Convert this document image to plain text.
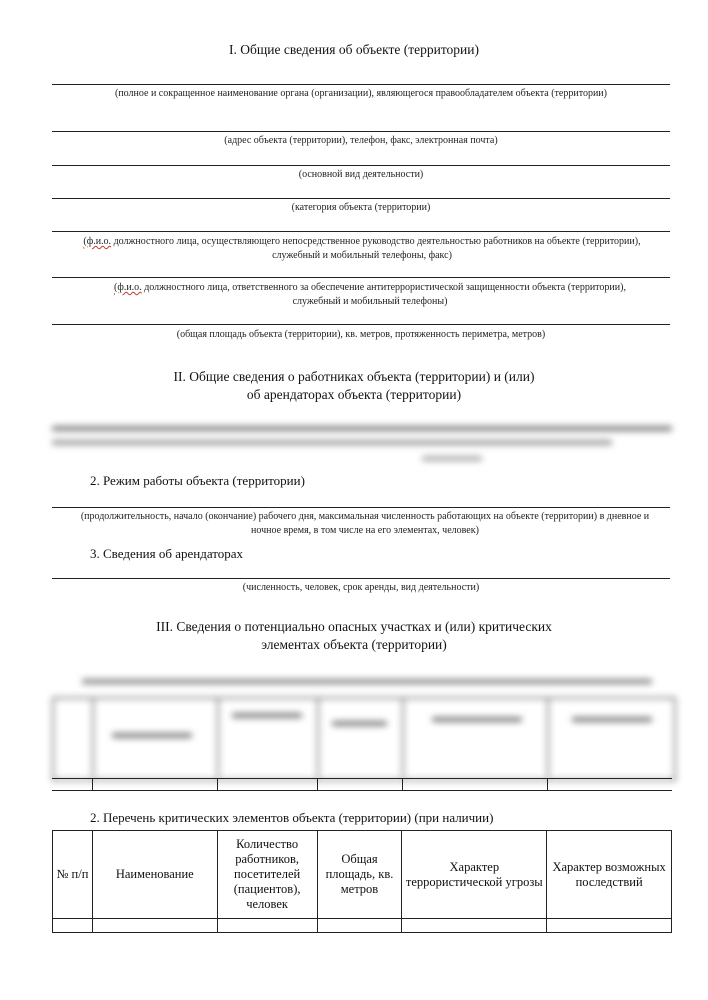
I. Общие сведения об объекте (территории)
(полное и сокращенное наименование органа (организации), являющегося правообладателем объекта (территории)
(адрес объекта (территории), телефон, факс, электронная почта)
(основной вид деятельности)
(категория объекта (территории)
(ф.и.о. должностного лица, осуществляющего непосредственное руководство деятельностью работников на объекте (территории), служебный и мобильный телефоны, факс)
(ф.и.о. должностного лица, ответственного за обеспечение антитеррористической защищенности объекта (территории), служебный и мобильный телефоны)
(общая площадь объекта (территории), кв. метров, протяженность периметра, метров)
II. Общие сведения о работниках объекта (территории) и (или)
об арендаторах объекта (территории)
2. Режим работы объекта (территории)
(продолжительность, начало (окончание) рабочего дня, максимальная численность работающих на объекте (территории) в дневное и ночное время, в том числе на его элементах, человек)
3. Сведения об арендаторах
(численность, человек, срок аренды, вид деятельности)
III. Сведения о потенциально опасных участках и (или) критических
элементах объекта (территории)
2. Перечень критических элементов объекта (территории) (при наличии)
№ п/п	Наименование	Количество работников, посетителей (пациентов), человек	Общая площадь, кв. метров	Характер террористической угрозы	Характер возможных последствий
